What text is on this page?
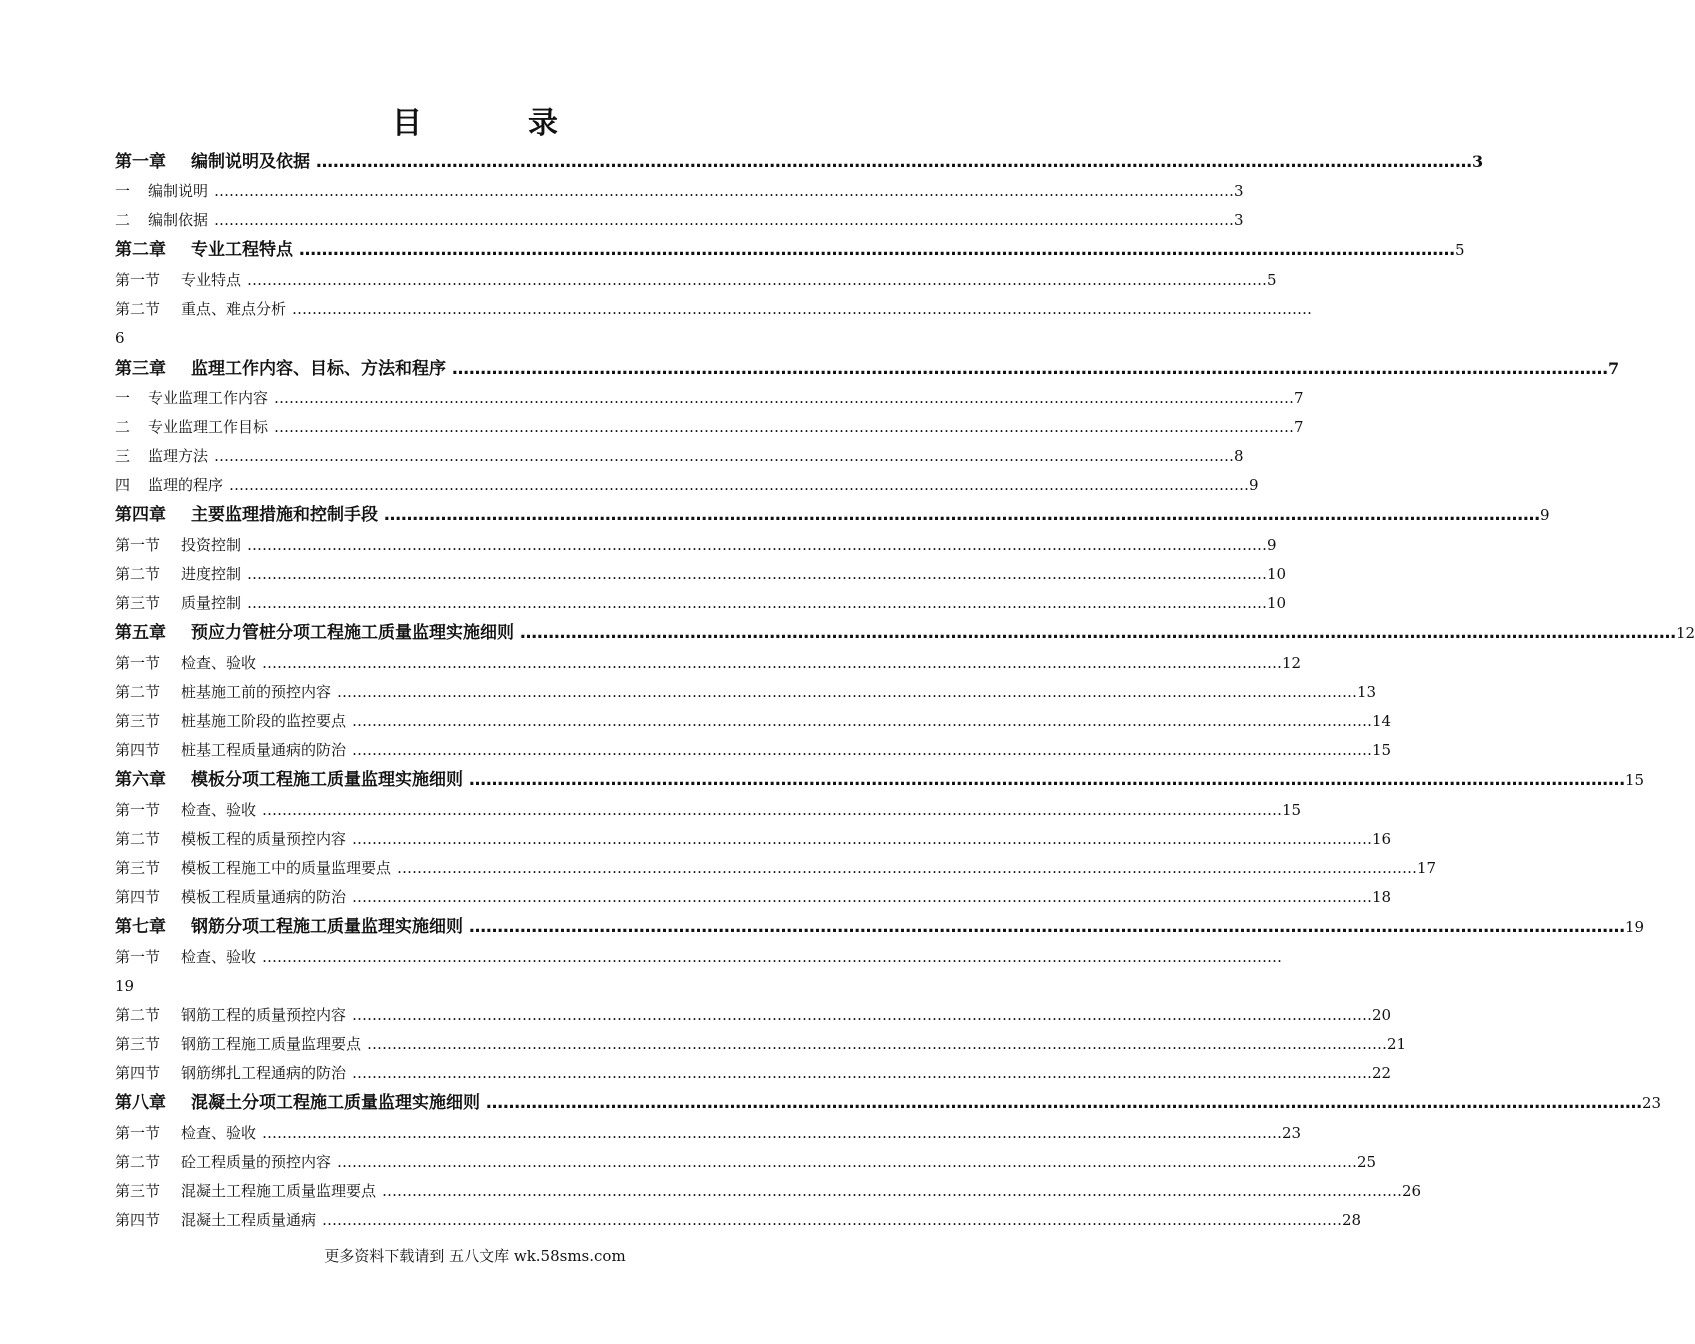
目　录
第一章 编制说明及依据 …………………………………………………………………………………………………………………………………………………………………………………… 3
一 编制说明 …………………………………………………………………………………………………………………………………………………………………………………… 3
二 编制依据 …………………………………………………………………………………………………………………………………………………………………………………… 3
第二章 专业工程特点 …………………………………………………………………………………………………………………………………………………………………………………… 5
第一节 专业特点 …………………………………………………………………………………………………………………………………………………………………………………… 5
第二节 重点、难点分析 ……………………………………………………………………………………………………………………………………………………………………………………
6
第三章 监理工作内容、目标、方法和程序 …………………………………………………………………………………………………………………………………………………………………………………… 7
一 专业监理工作内容 …………………………………………………………………………………………………………………………………………………………………………………… 7
二 专业监理工作目标 …………………………………………………………………………………………………………………………………………………………………………………… 7
三 监理方法 …………………………………………………………………………………………………………………………………………………………………………………… 8
四 监理的程序 …………………………………………………………………………………………………………………………………………………………………………………… 9
第四章 主要监理措施和控制手段 …………………………………………………………………………………………………………………………………………………………………………………… 9
第一节 投资控制 …………………………………………………………………………………………………………………………………………………………………………………… 9
第二节 进度控制 …………………………………………………………………………………………………………………………………………………………………………………… 10
第三节 质量控制 …………………………………………………………………………………………………………………………………………………………………………………… 10
第五章 预应力管桩分项工程施工质量监理实施细则 …………………………………………………………………………………………………………………………………………………………………………………… 12
第一节 检查、验收 …………………………………………………………………………………………………………………………………………………………………………………… 12
第二节 桩基施工前的预控内容 …………………………………………………………………………………………………………………………………………………………………………………… 13
第三节 桩基施工阶段的监控要点 …………………………………………………………………………………………………………………………………………………………………………………… 14
第四节 桩基工程质量通病的防治 …………………………………………………………………………………………………………………………………………………………………………………… 15
第六章 模板分项工程施工质量监理实施细则 …………………………………………………………………………………………………………………………………………………………………………………… 15
第一节 检查、验收 …………………………………………………………………………………………………………………………………………………………………………………… 15
第二节 模板工程的质量预控内容 …………………………………………………………………………………………………………………………………………………………………………………… 16
第三节 模板工程施工中的质量监理要点 …………………………………………………………………………………………………………………………………………………………………………………… 17
第四节 模板工程质量通病的防治 …………………………………………………………………………………………………………………………………………………………………………………… 18
第七章 钢筋分项工程施工质量监理实施细则 …………………………………………………………………………………………………………………………………………………………………………………… 19
第一节 检查、验收 ……………………………………………………………………………………………………………………………………………………………………………………
19
第二节 钢筋工程的质量预控内容 …………………………………………………………………………………………………………………………………………………………………………………… 20
第三节 钢筋工程施工质量监理要点 …………………………………………………………………………………………………………………………………………………………………………………… 21
第四节 钢筋绑扎工程通病的防治 …………………………………………………………………………………………………………………………………………………………………………………… 22
第八章 混凝土分项工程施工质量监理实施细则 …………………………………………………………………………………………………………………………………………………………………………………… 23
第一节 检查、验收 …………………………………………………………………………………………………………………………………………………………………………………… 23
第二节 砼工程质量的预控内容 …………………………………………………………………………………………………………………………………………………………………………………… 25
第三节 混凝土工程施工质量监理要点 …………………………………………………………………………………………………………………………………………………………………………………… 26
第四节 混凝土工程质量通病 …………………………………………………………………………………………………………………………………………………………………………………… 28
更多资料下载请到 五八文库 wk.58sms.com
